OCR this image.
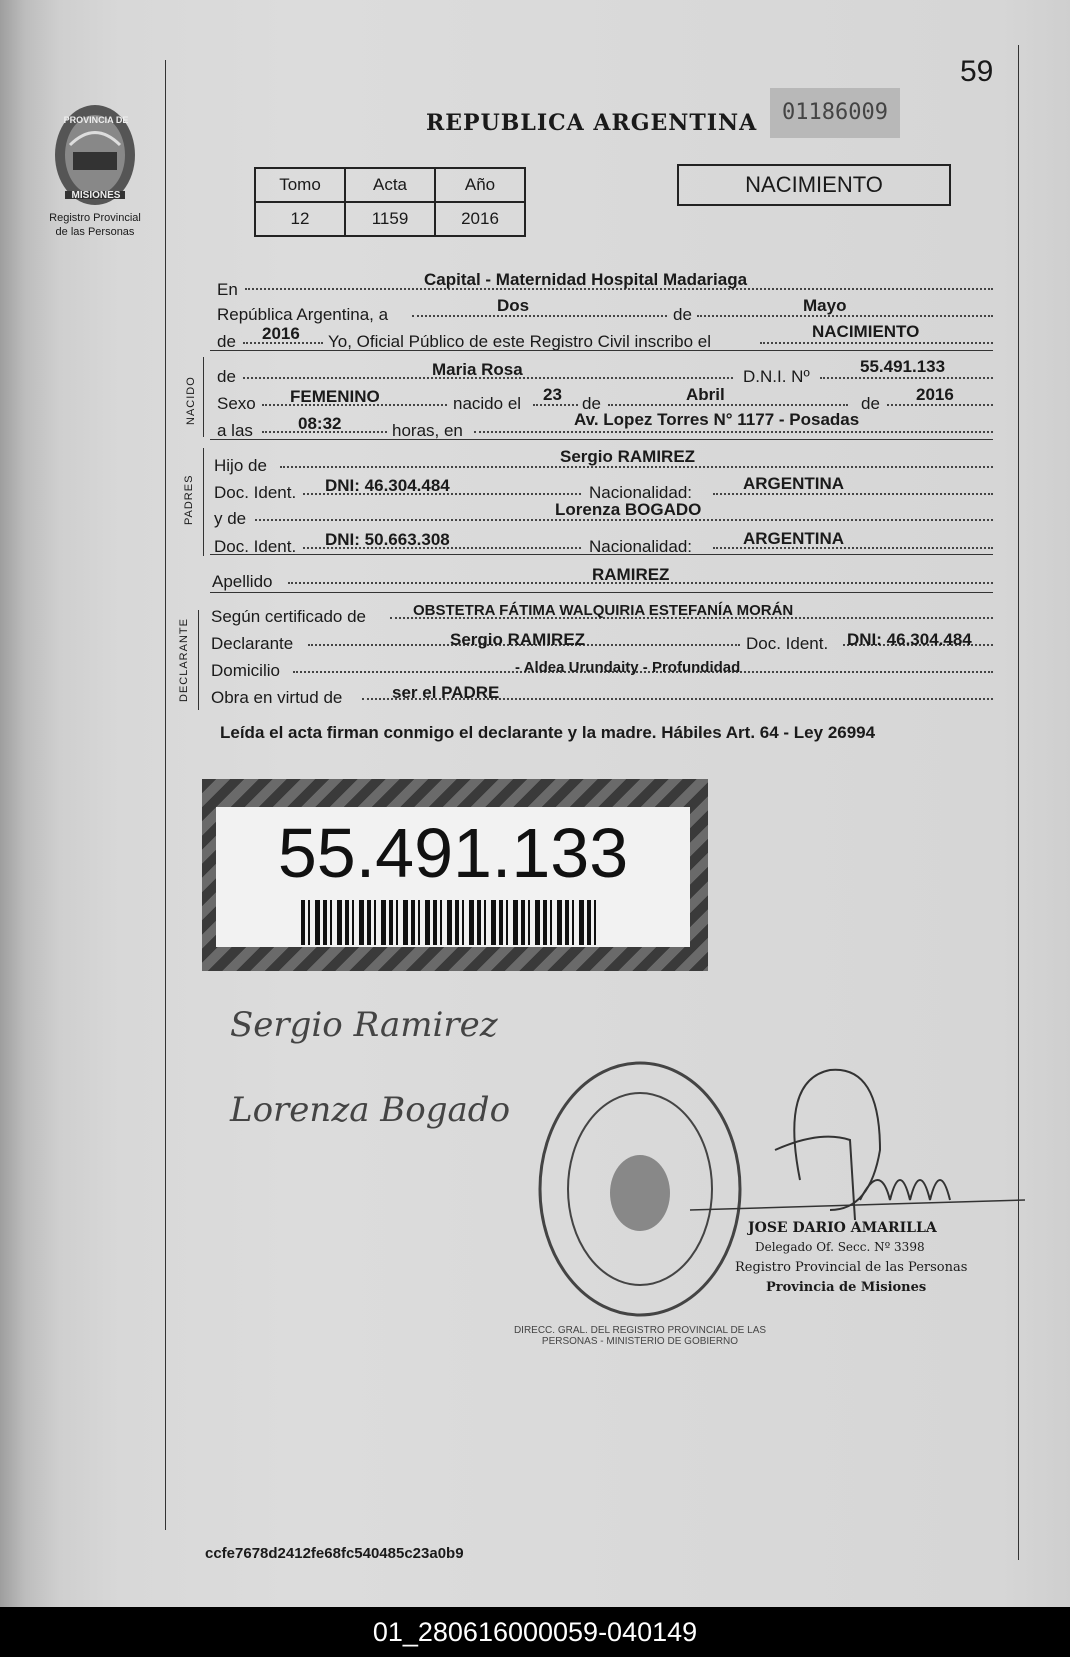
59
PROVINCIA DE
MISIONES
Registro Provincial
de las Personas
REPUBLICA ARGENTINA	01186009
Tomo	Acta	Año
12	1159	2016
NACIMIENTO
En
Capital - Maternidad Hospital Madariaga
República Argentina, a	Dos	de	Mayo
de 2016 Yo, Oficial Público de este Registro Civil inscribo el
NACIMIENTO
NACIDO de	Maria Rosa	D.N.I. Nº
55.491.133
Sexo FEMENINO	nacido el 23 de	Abril	de 2016
a las	08:32	horas, en
Av. Lopez Torres N° 1177 - Posadas
PADRES
Hijo de	Sergio RAMIREZ
Doc. Ident. DNI: 46.304.484	Nacionalidad:	ARGENTINA
y de	Lorenza BOGADO
Doc. Ident. DNI: 50.663.308	Nacionalidad:	ARGENTINA
Apellido	RAMIREZ
DECLARANTE
Según certificado de	OBSTETRA FÁTIMA WALQUIRIA ESTEFANÍA MORÁN
Declarante	Sergio RAMIREZ	Doc. Ident. DNI: 46.304.484
Domicilio	- Aldea Urundaity - Profundidad
Obra en virtud de	ser el PADRE
Leída el acta firman conmigo el declarante y la madre. Hábiles Art. 64 - Ley 26994
55.491.133
Sergio Ramirez
Lorenza Bogado
DIRECC. GRAL. DEL REGISTRO PROVINCIAL DE LAS PERSONAS - MINISTERIO DE GOBIERNO
JOSE DARIO AMARILLA
Delegado Of. Secc. Nº 3398
Registro Provincial de las Personas
Provincia de Misiones
ccfe7678d2412fe68fc540485c23a0b9
01_280616000059-040149
